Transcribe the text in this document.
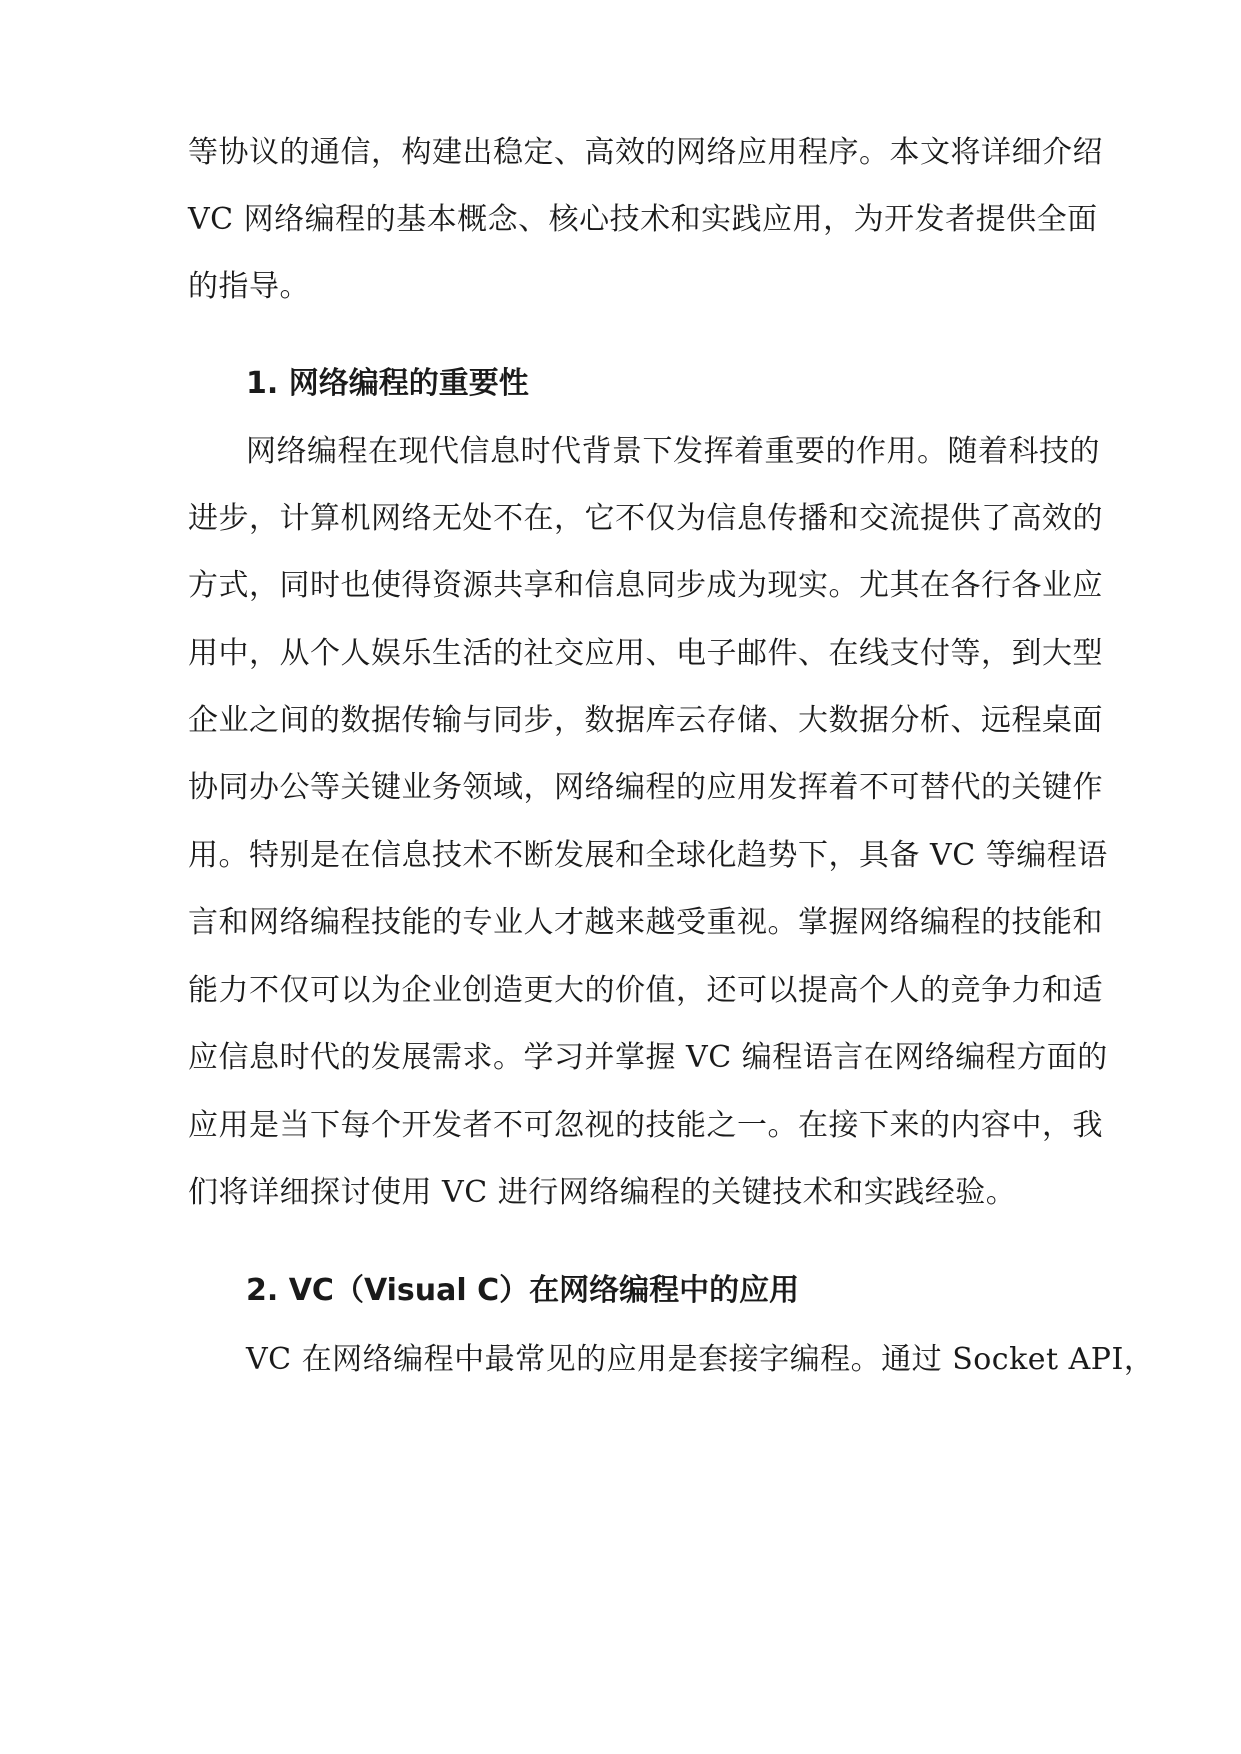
等协议的通信，构建出稳定、高效的网络应用程序。本文将详细介绍
VC 网络编程的基本概念、核心技术和实践应用，为开发者提供全面
的指导。
1. 网络编程的重要性
网络编程在现代信息时代背景下发挥着重要的作用。随着科技的
进步，计算机网络无处不在，它不仅为信息传播和交流提供了高效的
方式，同时也使得资源共享和信息同步成为现实。尤其在各行各业应
用中，从个人娱乐生活的社交应用、电子邮件、在线支付等，到大型
企业之间的数据传输与同步，数据库云存储、大数据分析、远程桌面
协同办公等关键业务领域，网络编程的应用发挥着不可替代的关键作
用。特别是在信息技术不断发展和全球化趋势下，具备 VC 等编程语
言和网络编程技能的专业人才越来越受重视。掌握网络编程的技能和
能力不仅可以为企业创造更大的价值，还可以提高个人的竞争力和适
应信息时代的发展需求。学习并掌握 VC 编程语言在网络编程方面的
应用是当下每个开发者不可忽视的技能之一。在接下来的内容中，我
们将详细探讨使用 VC 进行网络编程的关键技术和实践经验。
2. VC（Visual C）在网络编程中的应用
VC 在网络编程中最常见的应用是套接字编程。通过 Socket API，
